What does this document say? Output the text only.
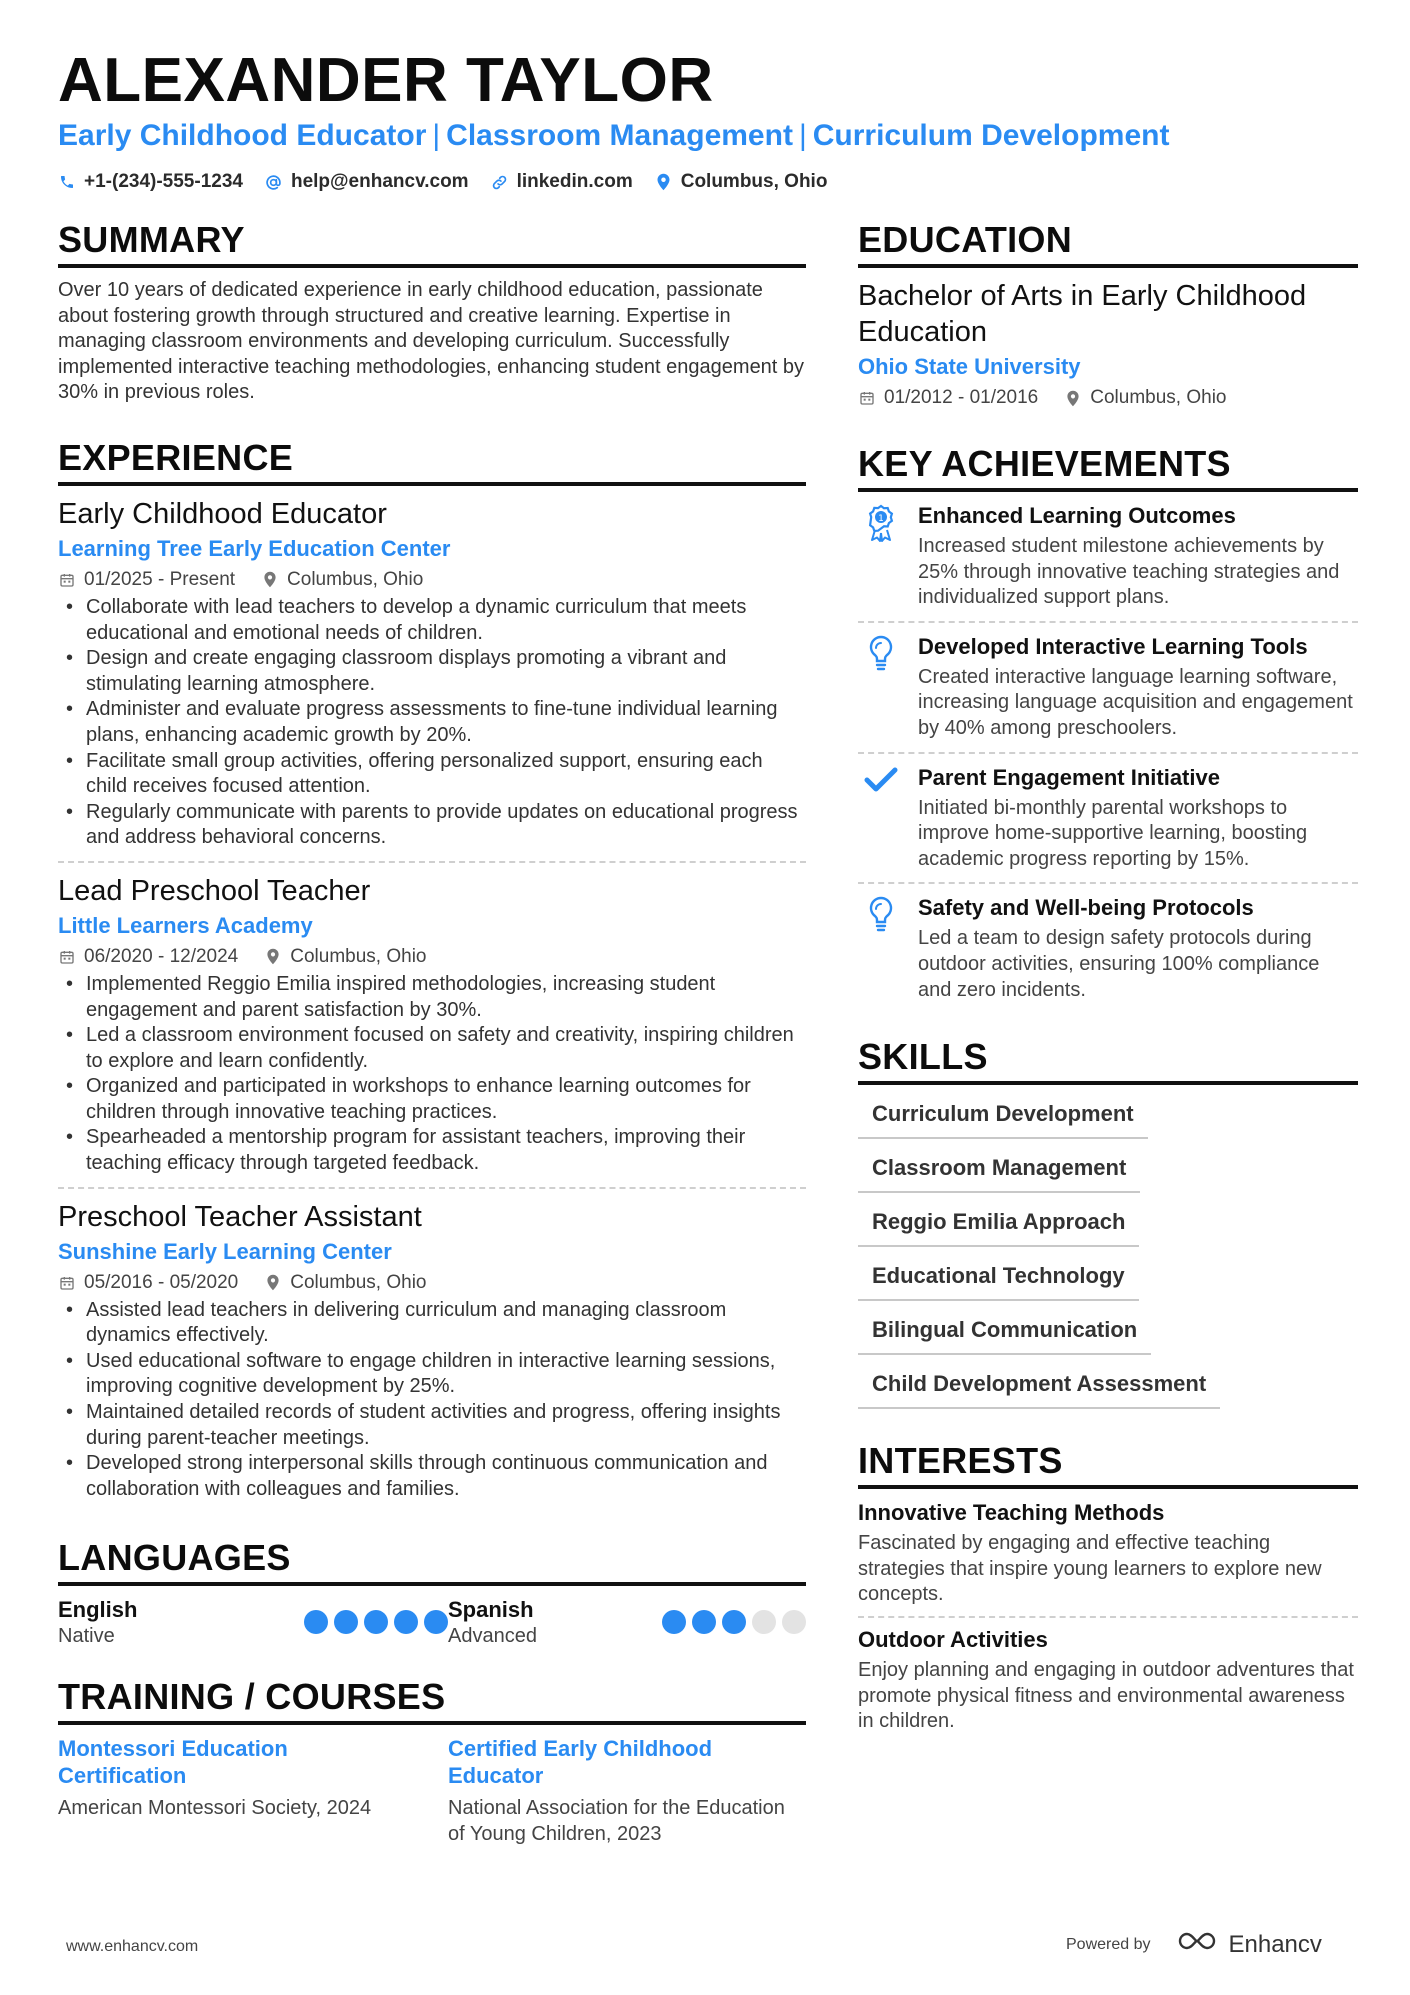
ALEXANDER TAYLOR
Early Childhood Educator | Classroom Management | Curriculum Development
+1-(234)-555-1234	help@enhancv.com	linkedin.com	Columbus, Ohio
SUMMARY

Over 10 years of dedicated experience in early childhood education, passionate about fostering growth through structured and creative learning. Expertise in managing classroom environments and developing curriculum. Successfully implemented interactive teaching methodologies, enhancing student engagement by 30% in previous roles.

EXPERIENCE
Early Childhood Educator
Learning Tree Early Education Center
01/2025 - Present	Columbus, Ohio
• Collaborate with lead teachers to develop a dynamic curriculum that meets educational and emotional needs of children.
• Design and create engaging classroom displays promoting a vibrant and stimulating learning atmosphere.
• Administer and evaluate progress assessments to fine-tune individual learning plans, enhancing academic growth by 20%.
• Facilitate small group activities, offering personalized support, ensuring each child receives focused attention.
• Regularly communicate with parents to provide updates on educational progress and address behavioral concerns.
Lead Preschool Teacher
Little Learners Academy
06/2020 - 12/2024	Columbus, Ohio
• Implemented Reggio Emilia inspired methodologies, increasing student engagement and parent satisfaction by 30%.
• Led a classroom environment focused on safety and creativity, inspiring children to explore and learn confidently.
• Organized and participated in workshops to enhance learning outcomes for children through innovative teaching practices.
• Spearheaded a mentorship program for assistant teachers, improving their teaching efficacy through targeted feedback.
Preschool Teacher Assistant
Sunshine Early Learning Center
05/2016 - 05/2020	Columbus, Ohio
• Assisted lead teachers in delivering curriculum and managing classroom dynamics effectively.
• Used educational software to engage children in interactive learning sessions, improving cognitive development by 25%.
• Maintained detailed records of student activities and progress, offering insights during parent-teacher meetings.
• Developed strong interpersonal skills through continuous communication and collaboration with colleagues and families.
LANGUAGES
English
Native
Spanish
Advanced
TRAINING / COURSES
Montessori Education Certification
American Montessori Society, 2024
Certified Early Childhood Educator
National Association for the Education of Young Children, 2023
EDUCATION
Bachelor of Arts in Early Childhood Education
Ohio State University
01/2012 - 01/2016	Columbus, Ohio
KEY ACHIEVEMENTS
1 Enhanced Learning Outcomes
Increased student milestone achievements by 25% through innovative teaching strategies and individualized support plans.
Developed Interactive Learning Tools
Created interactive language learning software, increasing language acquisition and engagement by 40% among preschoolers.
Parent Engagement Initiative
Initiated bi-monthly parental workshops to improve home-supportive learning, boosting academic progress reporting by 15%.
Safety and Well-being Protocols
Led a team to design safety protocols during outdoor activities, ensuring 100% compliance and zero incidents.
SKILLS
Curriculum Development
Classroom Management
Reggio Emilia Approach
Educational Technology
Bilingual Communication
Child Development Assessment
INTERESTS
Innovative Teaching Methods
Fascinated by engaging and effective teaching strategies that inspire young learners to explore new concepts.
Outdoor Activities
Enjoy planning and engaging in outdoor adventures that promote physical fitness and environmental awareness in children.
www.enhancv.com	Powered by	Enhancv
